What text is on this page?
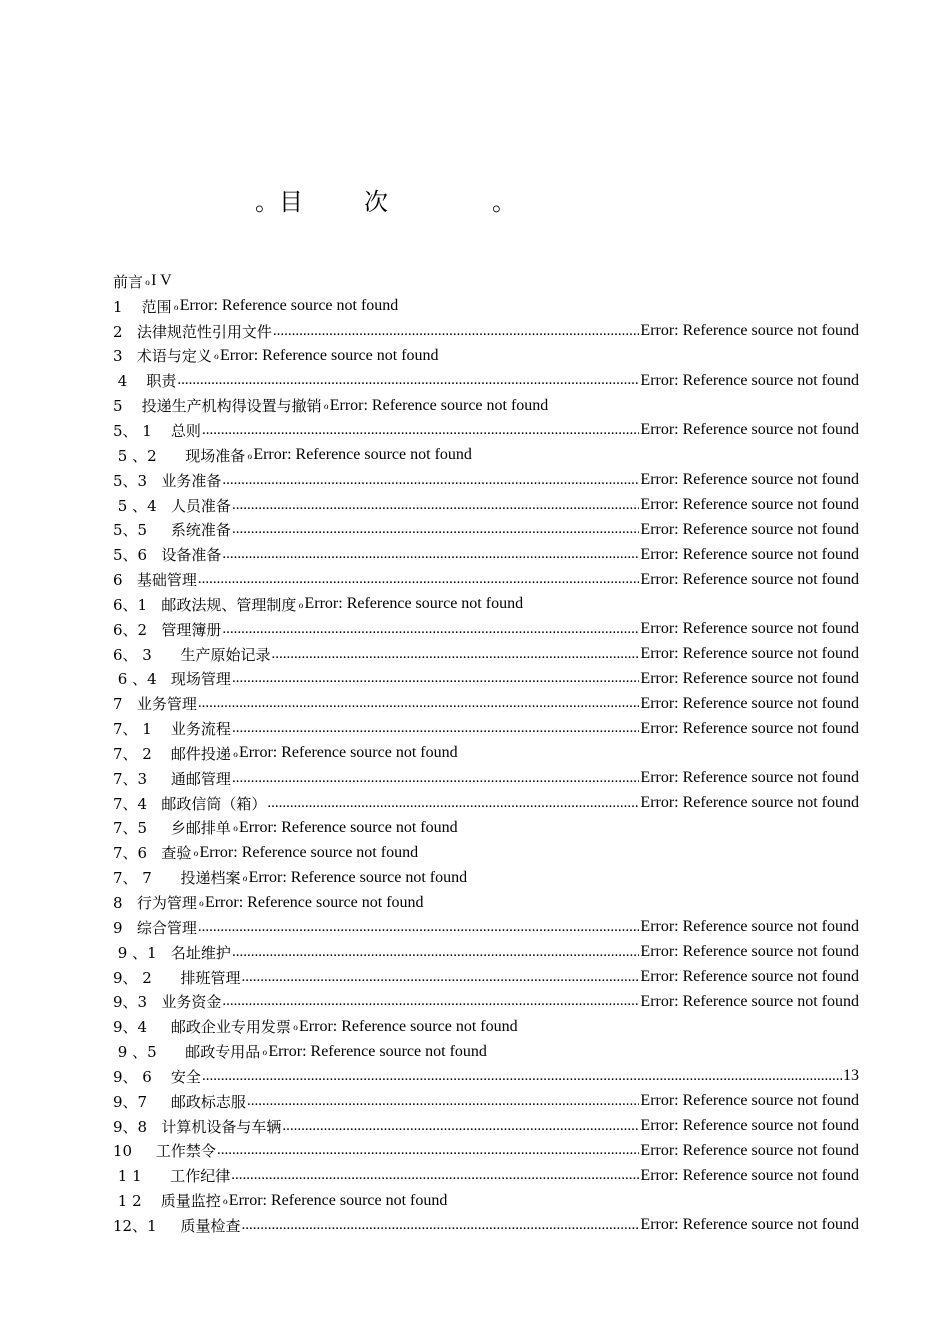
。目        次	。
前言 ℴ I V
1    范围 ℴ Error: Reference source not found
2   法律规范性引用文件 .....	Error: Reference source not found
3   术语与定义 ℴ Error: Reference source not found
4    职责 .....	Error: Reference source not found
5    投递生产机构得设置与撤销 ℴ Error: Reference source not found
5、 1    总则 .....	Error: Reference source not found
5 、2      现场准备 ℴ Error: Reference source not found
5、3   业务准备 .....	Error: Reference source not found
5 、4   人员准备 .....	Error: Reference source not found
5、5     系统准备 .....	Error: Reference source not found
5、6   设备准备 .....	Error: Reference source not found
6   基础管理 .....	Error: Reference source not found
6、1   邮政法规、管理制度 ℴ Error: Reference source not found
6、2   管理簿册 .....	Error: Reference source not found
6、 3      生产原始记录 .....	Error: Reference source not found
6 、4   现场管理 .....	Error: Reference source not found
7   业务管理 .....	Error: Reference source not found
7、 1    业务流程 .....	Error: Reference source not found
7、 2    邮件投递 ℴ Error: Reference source not found
7、3     通邮管理 .....	Error: Reference source not found
7、4   邮政信筒（箱） .....	Error: Reference source not found
7、5     乡邮排单 ℴ Error: Reference source not found
7、6   查验 ℴ Error: Reference source not found
7、 7      投递档案 ℴ Error: Reference source not found
8   行为管理 ℴ Error: Reference source not found
9   综合管理 .....	Error: Reference source not found
9 、1   名址维护 .....	Error: Reference source not found
9、 2      排班管理 .....	Error: Reference source not found
9、3   业务资金 .....	Error: Reference source not found
9、4     邮政企业专用发票 ℴ Error: Reference source not found
9 、5      邮政专用品 ℴ Error: Reference source not found
9、 6    安全 .....	13
9、7     邮政标志服 .....	Error: Reference source not found
9、8   计算机设备与车辆 .....	Error: Reference source not found
10     工作禁令 .....	Error: Reference source not found
1 1      工作纪律 .....	Error: Reference source not found
1 2    质量监控 ℴ Error: Reference source not found
12、1     质量检查 .....	Error: Reference source not found
